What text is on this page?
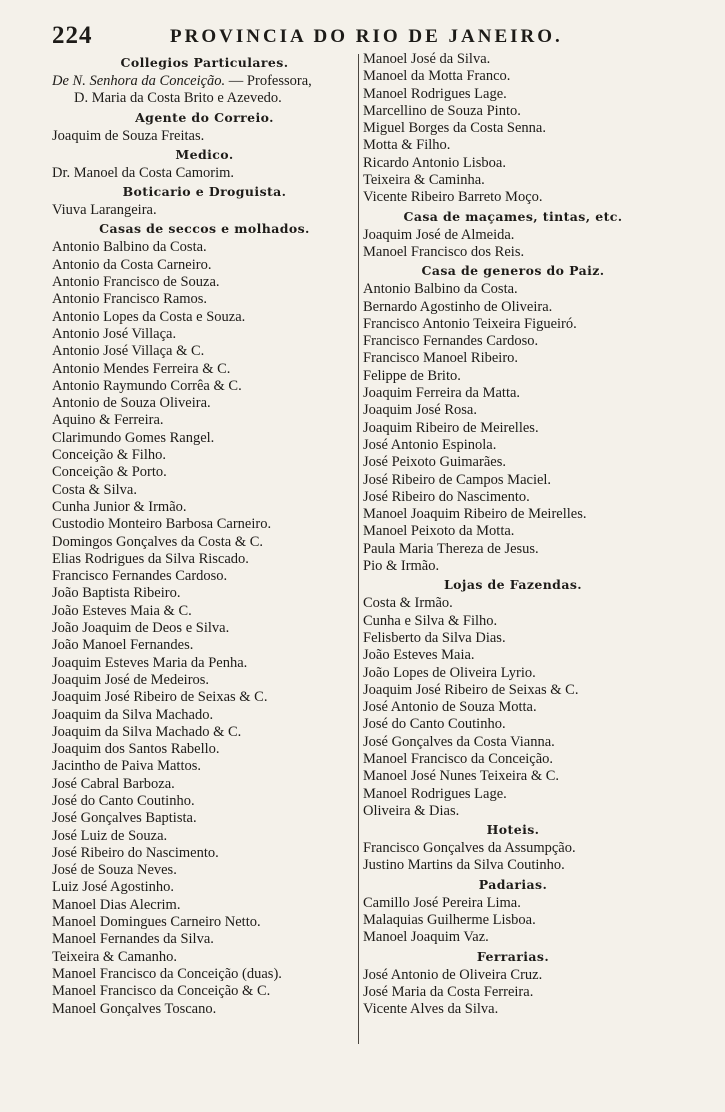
224	PROVINCIA DO RIO DE JANEIRO.
Collegios Particulares.
De N. Senhora da Conceição. — Professora,
D. Maria da Costa Brito e Azevedo.
Agente do Correio.
Joaquim de Souza Freitas.
Medico.
Dr. Manoel da Costa Camorim.
Boticario e Droguista.
Viuva Larangeira.
Casas de seccos e molhados.
Antonio Balbino da Costa.
Antonio da Costa Carneiro.
Antonio Francisco de Souza.
Antonio Francisco Ramos.
Antonio Lopes da Costa e Souza.
Antonio José Villaça.
Antonio José Villaça & C.
Antonio Mendes Ferreira & C.
Antonio Raymundo Corrêa & C.
Antonio de Souza Oliveira.
Aquino & Ferreira.
Clarimundo Gomes Rangel.
Conceição & Filho.
Conceição & Porto.
Costa & Silva.
Cunha Junior & Irmão.
Custodio Monteiro Barbosa Carneiro.
Domingos Gonçalves da Costa & C.
Elias Rodrigues da Silva Riscado.
Francisco Fernandes Cardoso.
João Baptista Ribeiro.
João Esteves Maia & C.
João Joaquim de Deos e Silva.
João Manoel Fernandes.
Joaquim Esteves Maria da Penha.
Joaquim José de Medeiros.
Joaquim José Ribeiro de Seixas & C.
Joaquim da Silva Machado.
Joaquim da Silva Machado & C.
Joaquim dos Santos Rabello.
Jacintho de Paiva Mattos.
José Cabral Barboza.
José do Canto Coutinho.
José Gonçalves Baptista.
José Luiz de Souza.
José Ribeiro do Nascimento.
José de Souza Neves.
Luiz José Agostinho.
Manoel Dias Alecrim.
Manoel Domingues Carneiro Netto.
Manoel Fernandes da Silva.
Teixeira & Camanho.
Manoel Francisco da Conceição (duas).
Manoel Francisco da Conceição & C.
Manoel Gonçalves Toscano.
Manoel José da Silva.
Manoel da Motta Franco.
Manoel Rodrigues Lage.
Marcellino de Souza Pinto.
Miguel Borges da Costa Senna.
Motta & Filho.
Ricardo Antonio Lisboa.
Teixeira & Caminha.
Vicente Ribeiro Barreto Moço.
Casa de maçames, tintas, etc.
Joaquim José de Almeida.
Manoel Francisco dos Reis.
Casa de generos do Paiz.
Antonio Balbino da Costa.
Bernardo Agostinho de Oliveira.
Francisco Antonio Teixeira Figueiró.
Francisco Fernandes Cardoso.
Francisco Manoel Ribeiro.
Felippe de Brito.
Joaquim Ferreira da Matta.
Joaquim José Rosa.
Joaquim Ribeiro de Meirelles.
José Antonio Espinola.
José Peixoto Guimarães.
José Ribeiro de Campos Maciel.
José Ribeiro do Nascimento.
Manoel Joaquim Ribeiro de Meirelles.
Manoel Peixoto da Motta.
Paula Maria Thereza de Jesus.
Pio & Irmão.
Lojas de Fazendas.
Costa & Irmão.
Cunha e Silva & Filho.
Felisberto da Silva Dias.
João Esteves Maia.
João Lopes de Oliveira Lyrio.
Joaquim José Ribeiro de Seixas & C.
José Antonio de Souza Motta.
José do Canto Coutinho.
José Gonçalves da Costa Vianna.
Manoel Francisco da Conceição.
Manoel José Nunes Teixeira & C.
Manoel Rodrigues Lage.
Oliveira & Dias.
Hoteis.
Francisco Gonçalves da Assumpção.
Justino Martins da Silva Coutinho.
Padarias.
Camillo José Pereira Lima.
Malaquias Guilherme Lisboa.
Manoel Joaquim Vaz.
Ferrarias.
José Antonio de Oliveira Cruz.
José Maria da Costa Ferreira.
Vicente Alves da Silva.
